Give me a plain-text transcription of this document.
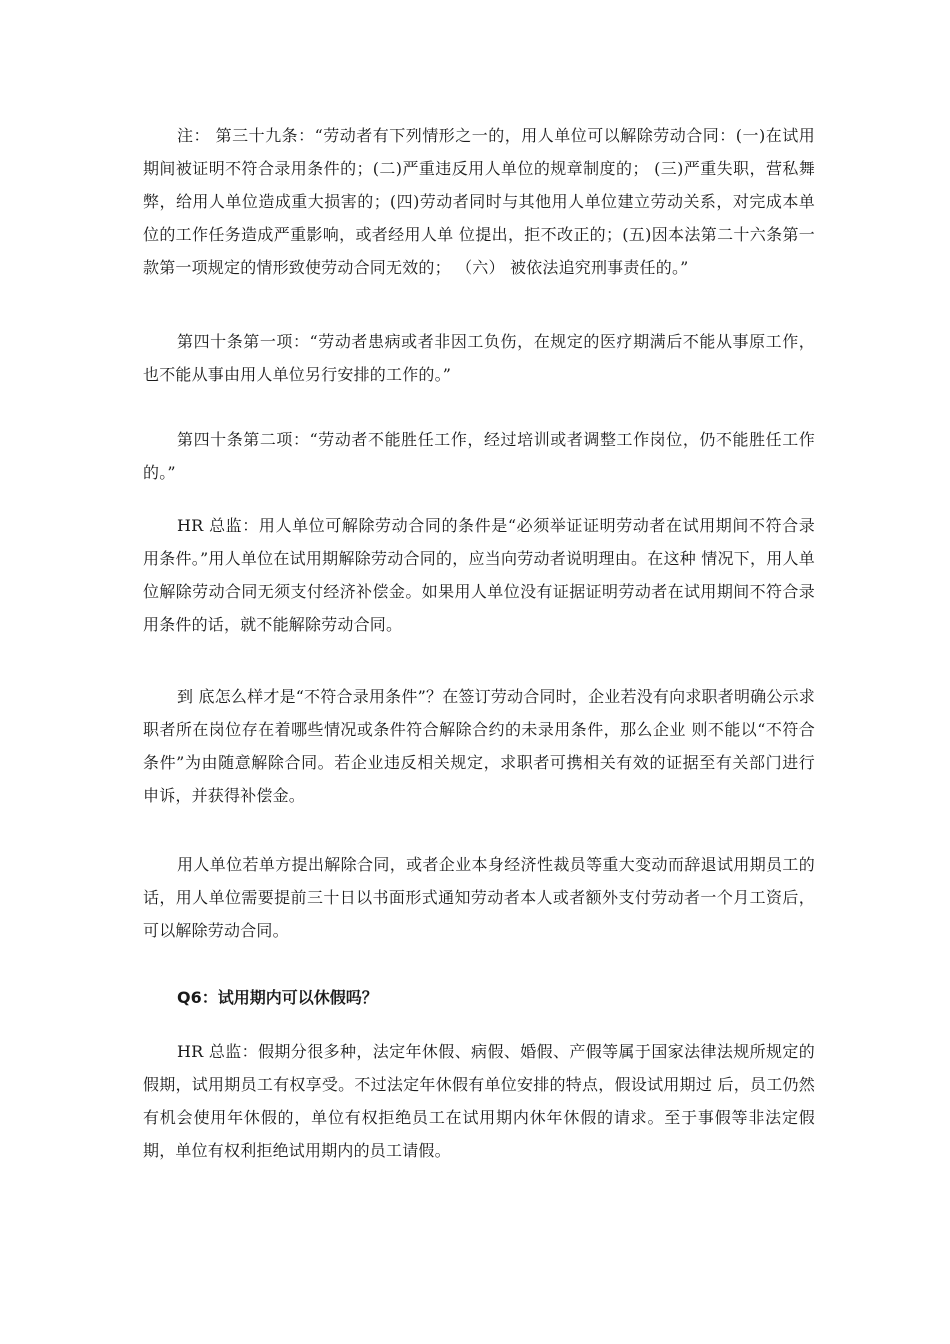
注： 第三十九条：“劳动者有下列情形之一的，用人单位可以解除劳动合同：(一)在试用期间被证明不符合录用条件的；(二)严重违反用人单位的规章制度的； (三)严重失职，营私舞弊，给用人单位造成重大损害的；(四)劳动者同时与其他用人单位建立劳动关系，对完成本单位的工作任务造成严重影响，或者经用人单 位提出，拒不改正的；(五)因本法第二十六条第一款第一项规定的情形致使劳动合同无效的； （六） 被依法追究刑事责任的。”

第四十条第一项：“劳动者患病或者非因工负伤，在规定的医疗期满后不能从事原工作，也不能从事由用人单位另行安排的工作的。”

第四十条第二项：“劳动者不能胜任工作，经过培训或者调整工作岗位，仍不能胜任工作的。”

HR 总监：用人单位可解除劳动合同的条件是“必须举证证明劳动者在试用期间不符合录用条件。”用人单位在试用期解除劳动合同的，应当向劳动者说明理由。在这种 情况下，用人单位解除劳动合同无须支付经济补偿金。如果用人单位没有证据证明劳动者在试用期间不符合录用条件的话，就不能解除劳动合同。

到 底怎么样才是“不符合录用条件”？在签订劳动合同时，企业若没有向求职者明确公示求职者所在岗位存在着哪些情况或条件符合解除合约的未录用条件，那么企业 则不能以“不符合条件”为由随意解除合同。若企业违反相关规定，求职者可携相关有效的证据至有关部门进行申诉，并获得补偿金。

用人单位若单方提出解除合同，或者企业本身经济性裁员等重大变动而辞退试用期员工的话，用人单位需要提前三十日以书面形式通知劳动者本人或者额外支付劳动者一个月工资后，可以解除劳动合同。

Q6：试用期内可以休假吗？

HR 总监：假期分很多种，法定年休假、病假、婚假、产假等属于国家法律法规所规定的假期，试用期员工有权享受。不过法定年休假有单位安排的特点，假设试用期过 后，员工仍然有机会使用年休假的，单位有权拒绝员工在试用期内休年休假的请求。至于事假等非法定假期，单位有权利拒绝试用期内的员工请假。
